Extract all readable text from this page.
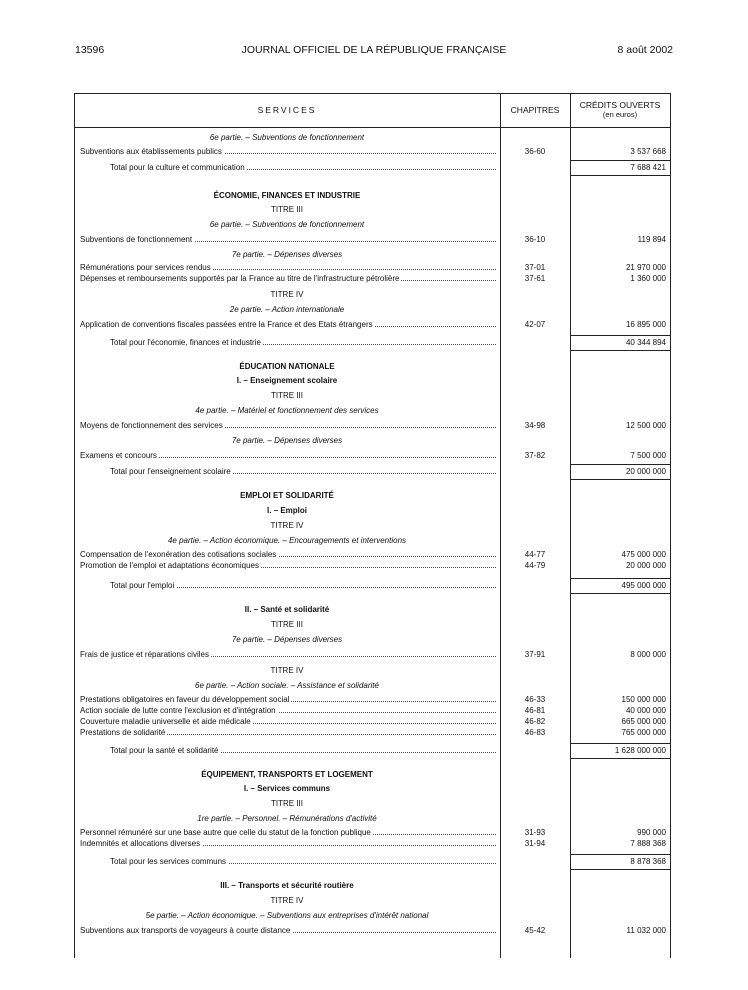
13596	JOURNAL OFFICIEL DE LA RÉPUBLIQUE FRANÇAISE	8 août 2002
SERVICES	CHAPITRES	CRÉDITS OUVERTS
(en euros)
6e partie. – Subventions de fonctionnement
Subventions aux établissements publics	36-60	3 537 668
Total pour la culture et communication	7 688 421
ÉCONOMIE, FINANCES ET INDUSTRIE
TITRE III
6e partie. – Subventions de fonctionnement
Subventions de fonctionnement	36-10	119 894
7e partie. – Dépenses diverses
Rémunérations pour services rendus	37-01	21 970 000
Dépenses et remboursements supportés par la France au titre de l'infrastructure pétrolière	37-61	1 360 000
TITRE IV
2e partie. – Action internationale
Application de conventions fiscales passées entre la France et des Etats étrangers	42-07	16 895 000
Total pour l'économie, finances et industrie	40 344 894
ÉDUCATION NATIONALE
I. – Enseignement scolaire
TITRE III
4e partie. – Matériel et fonctionnement des services
Moyens de fonctionnement des services	34-98	12 500 000
7e partie. – Dépenses diverses
Examens et concours	37-82	7 500 000
Total pour l'enseignement scolaire	20 000 000
EMPLOI ET SOLIDARITÉ
I. – Emploi
TITRE IV
4e partie. – Action économique. – Encouragements et interventions
Compensation de l'exonération des cotisations sociales	44-77	475 000 000
Promotion de l'emploi et adaptations économiques	44-79	20 000 000
Total pour l'emploi	495 000 000
II. – Santé et solidarité
TITRE III
7e partie. – Dépenses diverses
Frais de justice et réparations civiles	37-91	8 000 000
TITRE IV
6e partie. – Action sociale. – Assistance et solidarité
Prestations obligatoires en faveur du développement social	46-33	150 000 000
Action sociale de lutte contre l'exclusion et d'intégration	46-81	40 000 000
Couverture maladie universelle et aide médicale	46-82	665 000 000
Prestations de solidarité	46-83	765 000 000
Total pour la santé et solidarité	1 628 000 000
ÉQUIPEMENT, TRANSPORTS ET LOGEMENT
I. – Services communs
TITRE III
1re partie. – Personnel. – Rémunérations d'activité
Personnel rémunéré sur une base autre que celle du statut de la fonction publique	31-93	990 000
Indemnités et allocations diverses	31-94	7 888 368
Total pour les services communs	8 878 368
III. – Transports et sécurité routière
TITRE IV
5e partie. – Action économique. – Subventions aux entreprises d'intérêt national
Subventions aux transports de voyageurs à courte distance	45-42	11 032 000
